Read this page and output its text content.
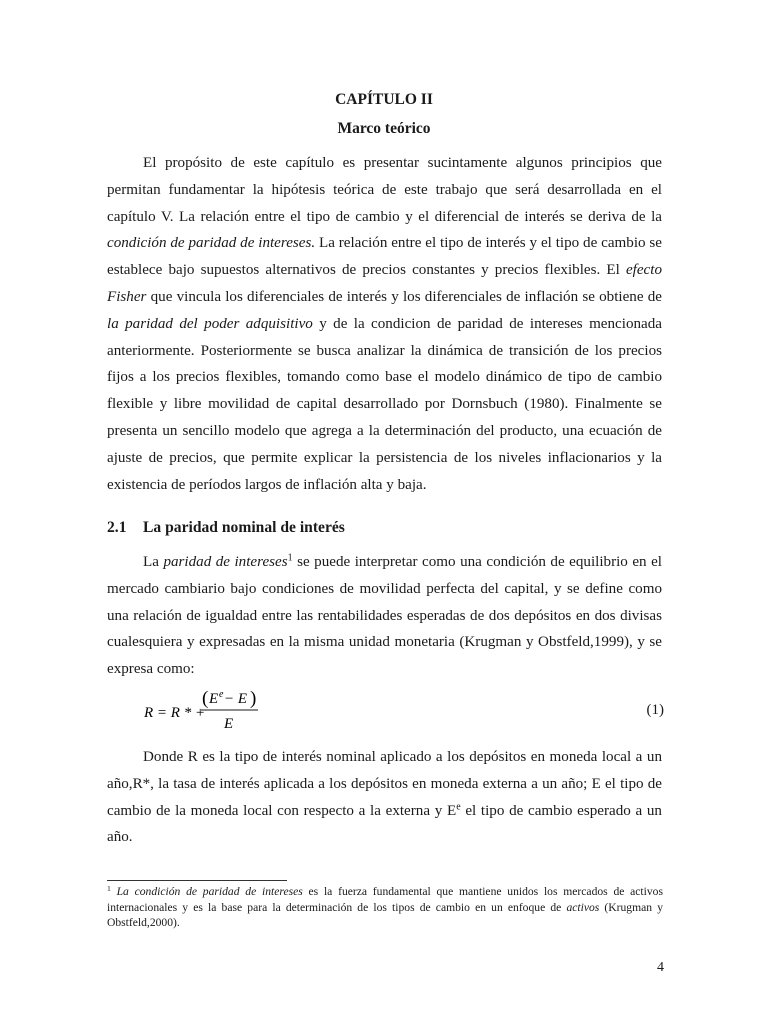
CAPÍTULO II
Marco teórico

El propósito de este capítulo es presentar sucintamente algunos principios que permitan fundamentar la hipótesis teórica de este trabajo que será desarrollada en el capítulo V. La relación entre el tipo de cambio y el diferencial de interés se deriva de la condición de paridad de intereses. La relación entre el tipo de interés y el tipo de cambio se establece bajo supuestos alternativos de precios constantes y precios flexibles. El efecto Fisher que vincula los diferenciales de interés y los diferenciales de inflación se obtiene de la paridad del poder adquisitivo y de la condicion de paridad de intereses mencionada anteriormente. Posteriormente se busca analizar la dinámica de transición de los precios fijos a los precios flexibles, tomando como base el modelo dinámico de tipo de cambio flexible y libre movilidad de capital desarrollado por Dornsbuch (1980). Finalmente se presenta un sencillo modelo que agrega a la determinación del producto, una ecuación de ajuste de precios, que permite explicar la persistencia de los niveles inflacionarios y la existencia de períodos largos de inflación alta y baja.

2.1 La paridad nominal de interés

La paridad de intereses$^1$ se puede interpretar como una condición de equilibrio en el mercado cambiario bajo condiciones de movilidad perfecta del capital, y se define como una relación de igualdad entre las rentabilidades esperadas de dos depósitos en dos divisas cualesquiera y expresadas en la misma unidad monetaria (Krugman y Obstfeld,1999), y se expresa como:

R = R * +
( E e − E )
E
(1)

Donde R es la tipo de interés nominal aplicado a los depósitos en moneda local a un año,R*, la tasa de interés aplicada a los depósitos en moneda externa a un año; E el tipo de cambio de la moneda local con respecto a la externa y $E^e$ el tipo de cambio esperado a un año.

$^1$ La condición de paridad de intereses es la fuerza fundamental que mantiene unidos los mercados de activos internacionales y es la base para la determinación de los tipos de cambio en un enfoque de activos (Krugman y Obstfeld,2000).
4
